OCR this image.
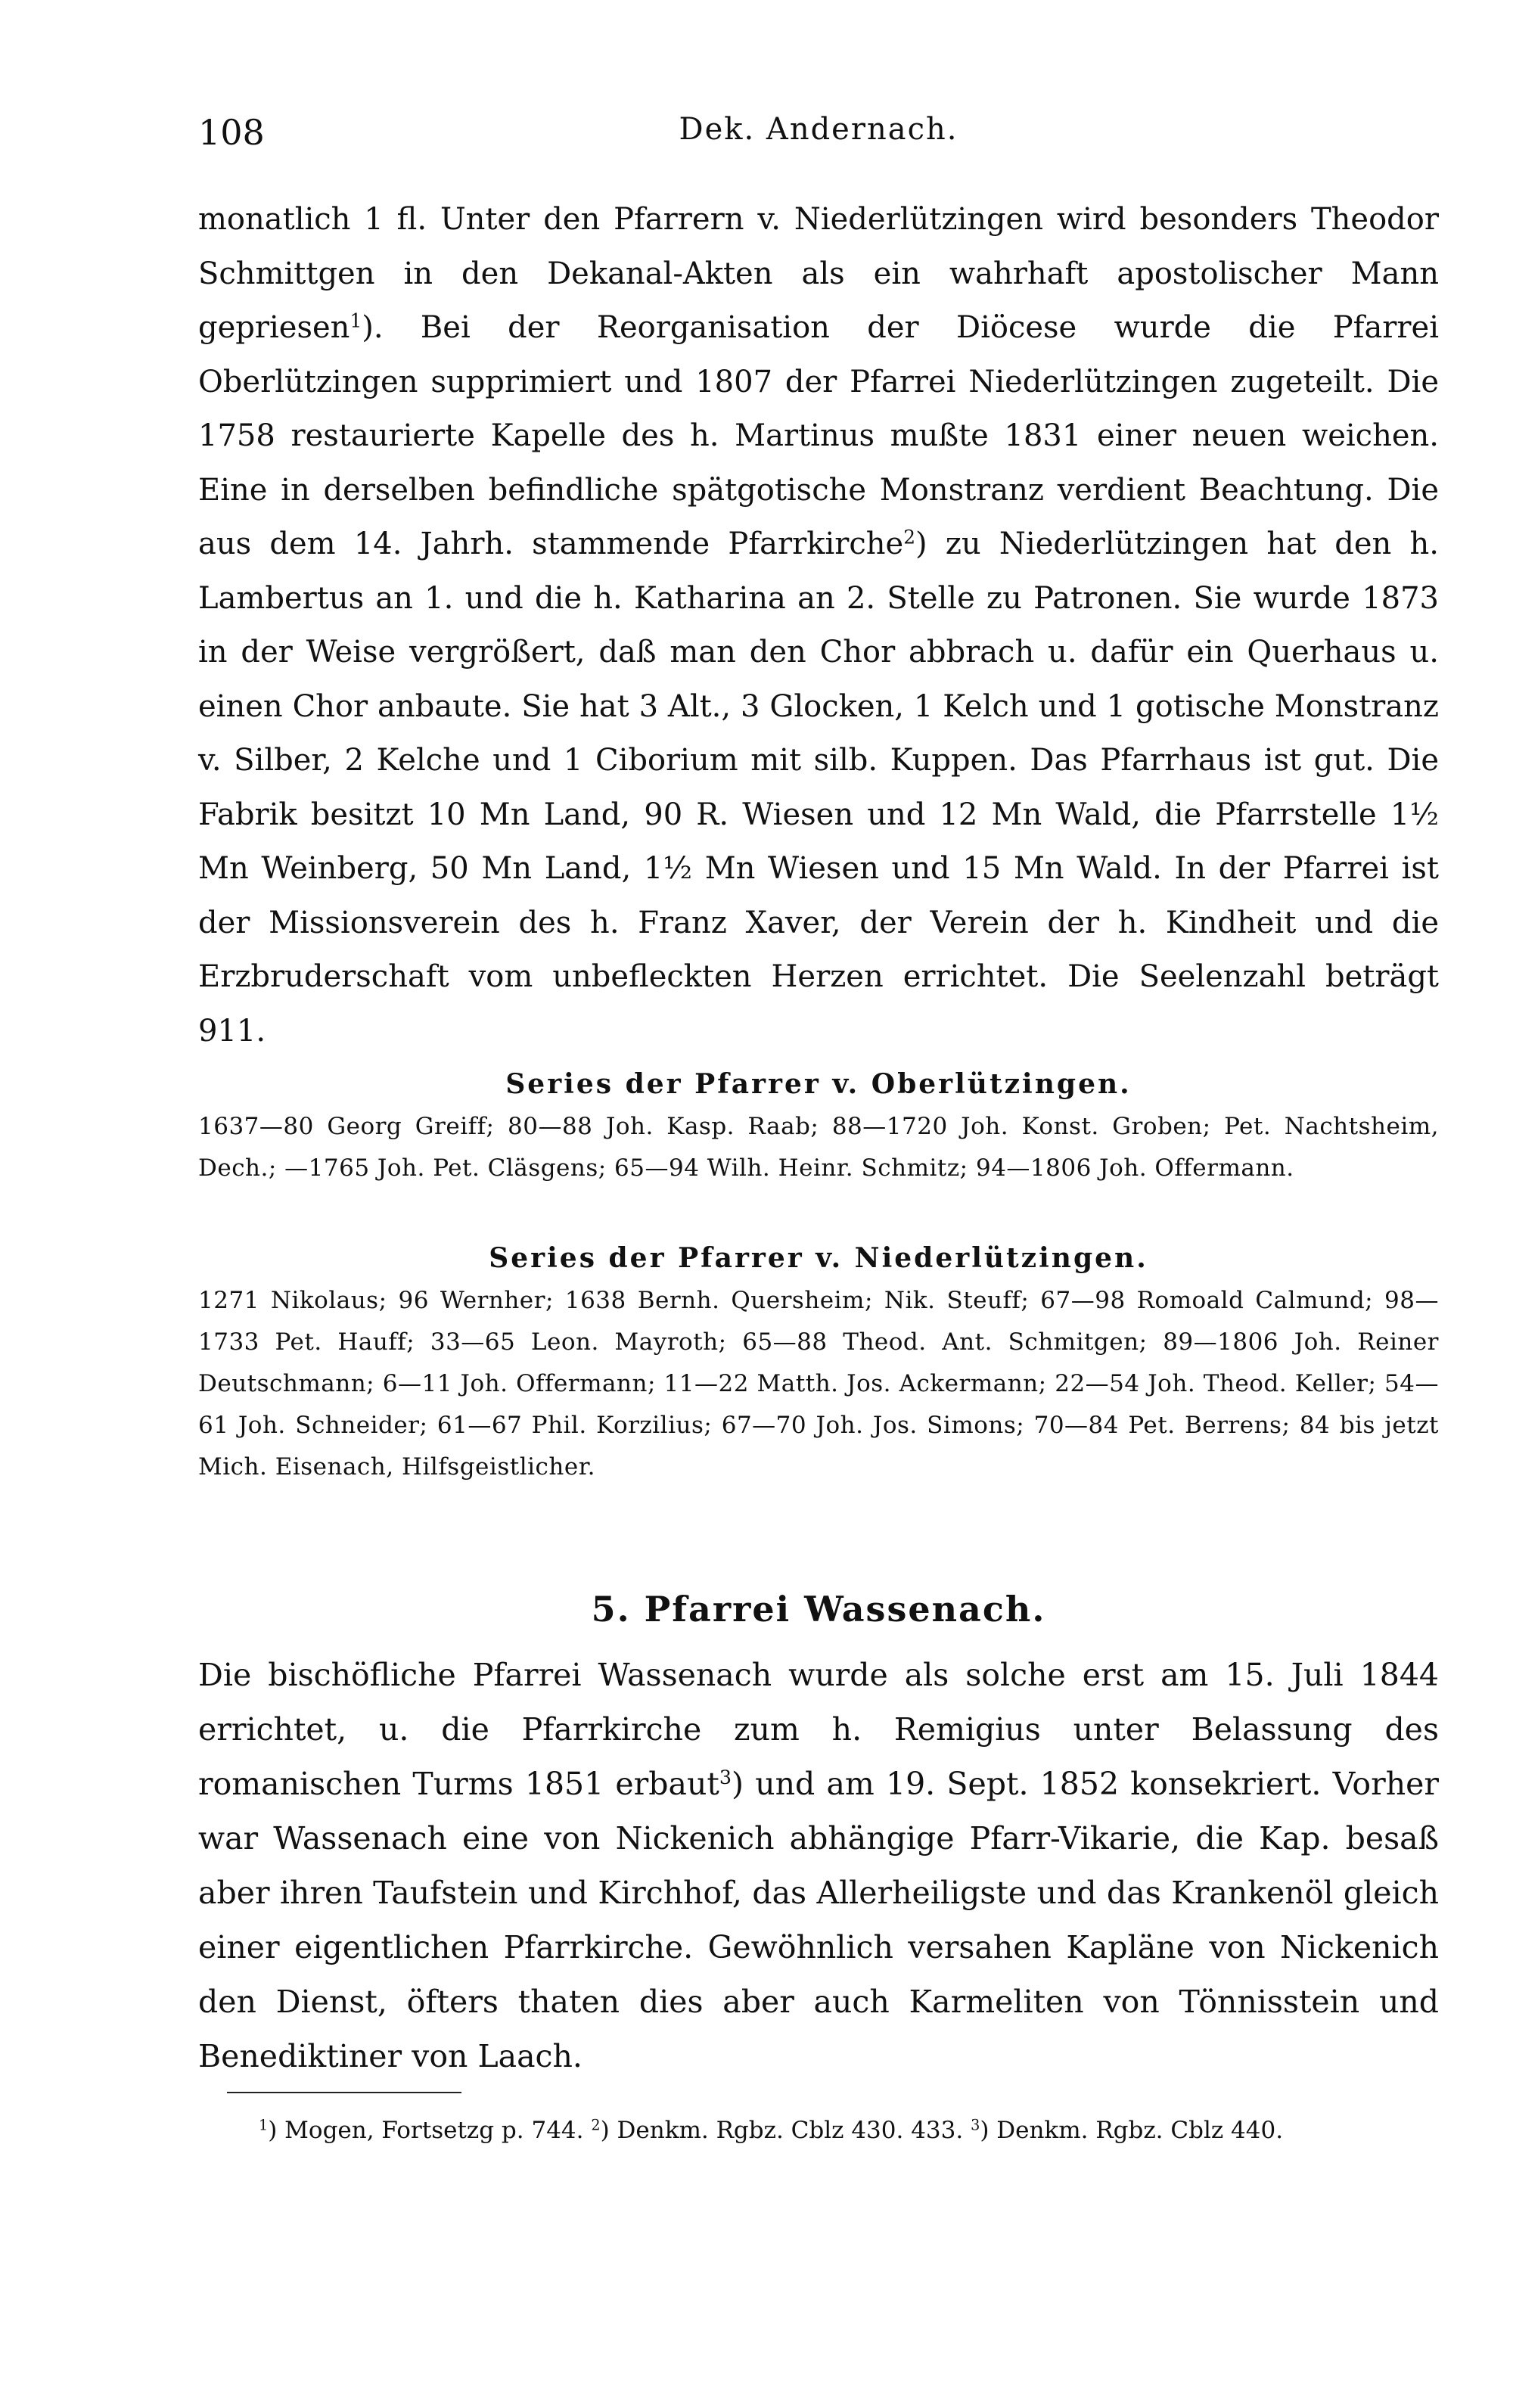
108	Dek. Andernach.
monatlich 1 fl. Unter den Pfarrern v. Niederlützingen wird besonders Theodor Schmittgen in den Dekanal-Akten als ein wahrhaft apostolischer Mann gepriesen$^1$). Bei der Reorganisation der Diöcese wurde die Pfarrei Oberlützingen supprimiert und 1807 der Pfarrei Niederlützingen zugeteilt. Die 1758 restaurierte Kapelle des h. Martinus mußte 1831 einer neuen weichen. Eine in derselben befindliche spätgotische Monstranz verdient Beachtung. Die aus dem 14. Jahrh. stammende Pfarrkirche$^2$) zu Niederlützingen hat den h. Lambertus an 1. und die h. Katharina an 2. Stelle zu Patronen. Sie wurde 1873 in der Weise vergrößert, daß man den Chor abbrach u. dafür ein Querhaus u. einen Chor anbaute. Sie hat 3 Alt., 3 Glocken, 1 Kelch und 1 gotische Monstranz v. Silber, 2 Kelche und 1 Ciborium mit silb. Kuppen. Das Pfarrhaus ist gut. Die Fabrik besitzt 10 Mn Land, 90 R. Wiesen und 12 Mn Wald, die Pfarrstelle 1½ Mn Weinberg, 50 Mn Land, 1½ Mn Wiesen und 15 Mn Wald. In der Pfarrei ist der Missionsverein des h. Franz Xaver, der Verein der h. Kindheit und die Erzbruderschaft vom unbefleckten Herzen errichtet. Die Seelenzahl beträgt 911.
Series der Pfarrer v. Oberlützingen.
1637—80 Georg Greiff; 80—88 Joh. Kasp. Raab; 88—1720 Joh. Konst. Groben; Pet. Nachtsheim, Dech.; —1765 Joh. Pet. Cläsgens; 65—94 Wilh. Heinr. Schmitz; 94—1806 Joh. Offermann.
Series der Pfarrer v. Niederlützingen.
1271 Nikolaus; 96 Wernher; 1638 Bernh. Quersheim; Nik. Steuff; 67—98 Romoald Calmund; 98—1733 Pet. Hauff; 33—65 Leon. Mayroth; 65—88 Theod. Ant. Schmitgen; 89—1806 Joh. Reiner Deutschmann; 6—11 Joh. Offermann; 11—22 Matth. Jos. Ackermann; 22—54 Joh. Theod. Keller; 54—61 Joh. Schneider; 61—67 Phil. Korzilius; 67—70 Joh. Jos. Simons; 70—84 Pet. Berrens; 84 bis jetzt Mich. Eisenach, Hilfsgeistlicher.
5. Pfarrei Wassenach.
Die bischöfliche Pfarrei Wassenach wurde als solche erst am 15. Juli 1844 errichtet, u. die Pfarrkirche zum h. Remigius unter Belassung des romanischen Turms 1851 erbaut$^3$) und am 19. Sept. 1852 konsekriert. Vorher war Wassenach eine von Nickenich abhängige Pfarr-Vikarie, die Kap. besaß aber ihren Taufstein und Kirchhof, das Allerheiligste und das Krankenöl gleich einer eigentlichen Pfarrkirche. Gewöhnlich versahen Kapläne von Nickenich den Dienst, öfters thaten dies aber auch Karmeliten von Tönnisstein und Benediktiner von Laach.
$^1$) Mogen, Fortsetzg p. 744. $^2$) Denkm. Rgbz. Cblz 430. 433. $^3$) Denkm. Rgbz. Cblz 440.
